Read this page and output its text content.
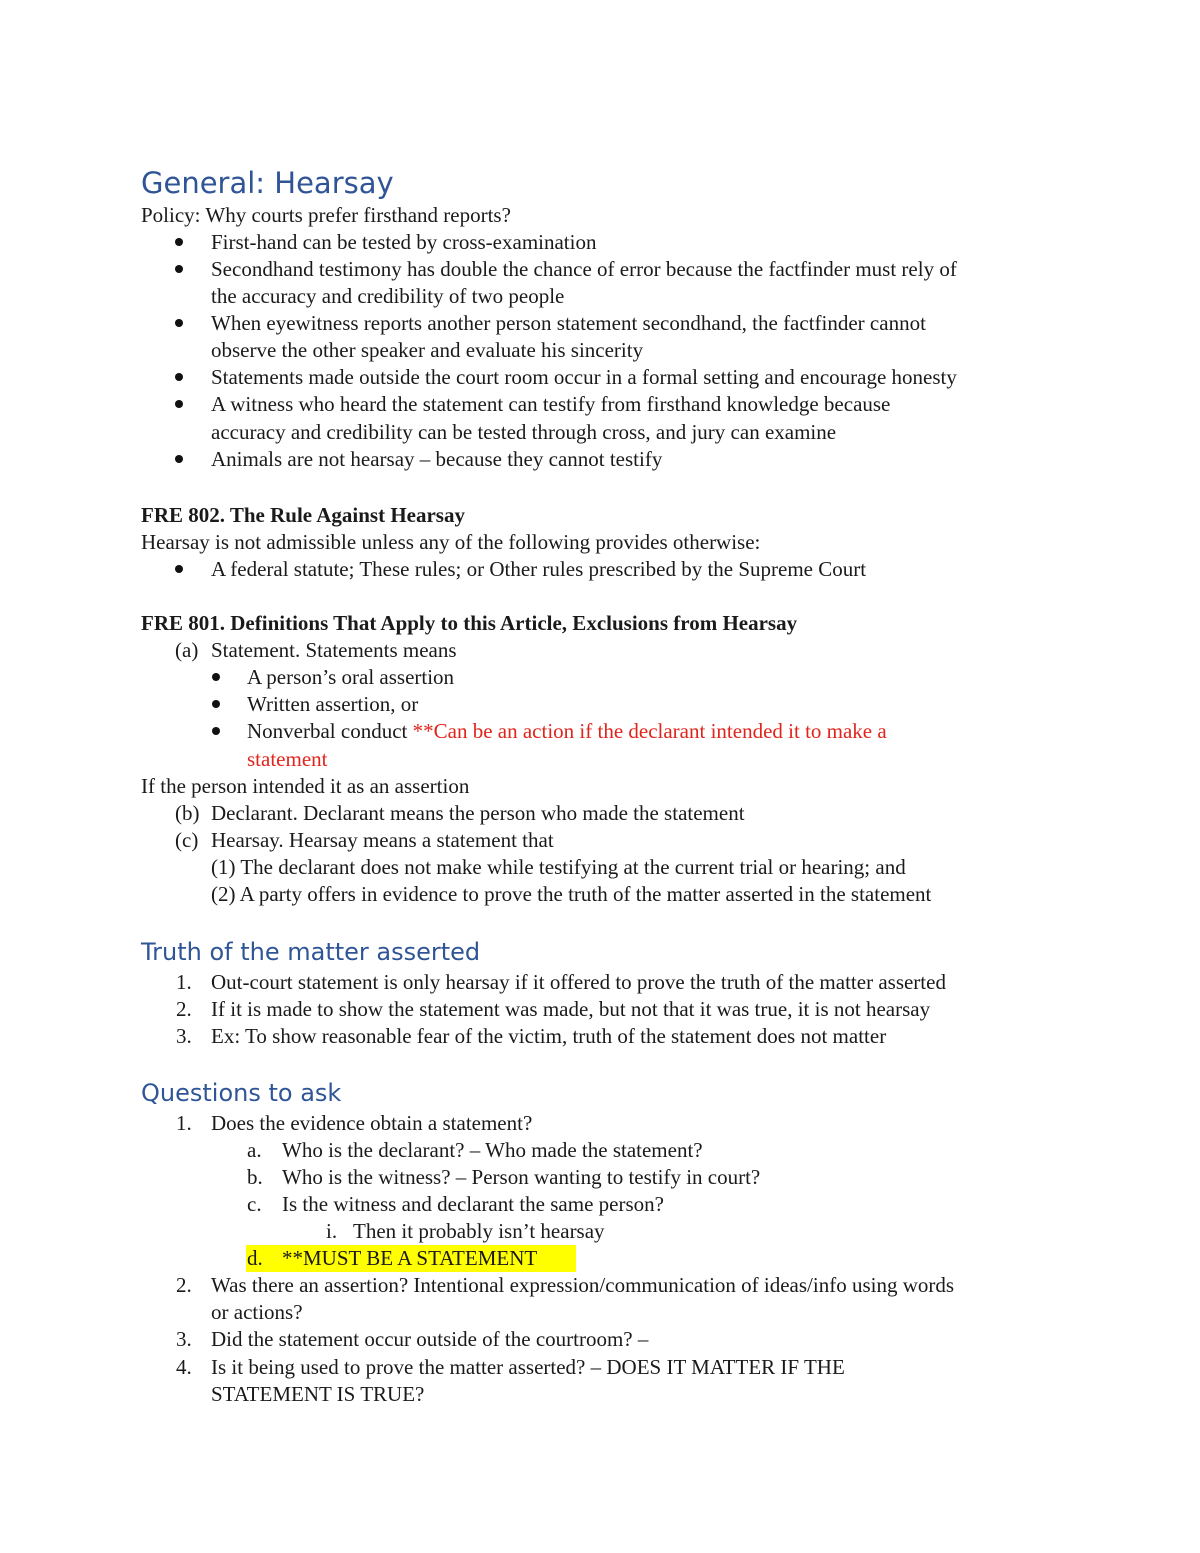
General: Hearsay
Policy: Why courts prefer firsthand reports?
First-hand can be tested by cross-examination
Secondhand testimony has double the chance of error because the factfinder must rely of
the accuracy and credibility of two people
When eyewitness reports another person statement secondhand, the factfinder cannot
observe the other speaker and evaluate his sincerity
Statements made outside the court room occur in a formal setting and encourage honesty
A witness who heard the statement can testify from firsthand knowledge because
accuracy and credibility can be tested through cross, and jury can examine
Animals are not hearsay – because they cannot testify
FRE 802. The Rule Against Hearsay
Hearsay is not admissible unless any of the following provides otherwise:
A federal statute; These rules; or Other rules prescribed by the Supreme Court
FRE 801. Definitions That Apply to this Article, Exclusions from Hearsay
(a) Statement. Statements means
A person’s oral assertion
Written assertion, or
Nonverbal conduct **Can be an action if the declarant intended it to make a
statement
If the person intended it as an assertion
(b) Declarant. Declarant means the person who made the statement
(c) Hearsay. Hearsay means a statement that
(1) The declarant does not make while testifying at the current trial or hearing; and
(2) A party offers in evidence to prove the truth of the matter asserted in the statement
Truth of the matter asserted
1. Out-court statement is only hearsay if it offered to prove the truth of the matter asserted
2. If it is made to show the statement was made, but not that it was true, it is not hearsay
3. Ex: To show reasonable fear of the victim, truth of the statement does not matter
Questions to ask
1. Does the evidence obtain a statement?
a. Who is the declarant? – Who made the statement?
b. Who is the witness? – Person wanting to testify in court?
c. Is the witness and declarant the same person?
i. Then it probably isn’t hearsay
d. **MUST BE A STATEMENT
2. Was there an assertion? Intentional expression/communication of ideas/info using words
or actions?
3. Did the statement occur outside of the courtroom? –
4. Is it being used to prove the matter asserted? – DOES IT MATTER IF THE
STATEMENT IS TRUE?
